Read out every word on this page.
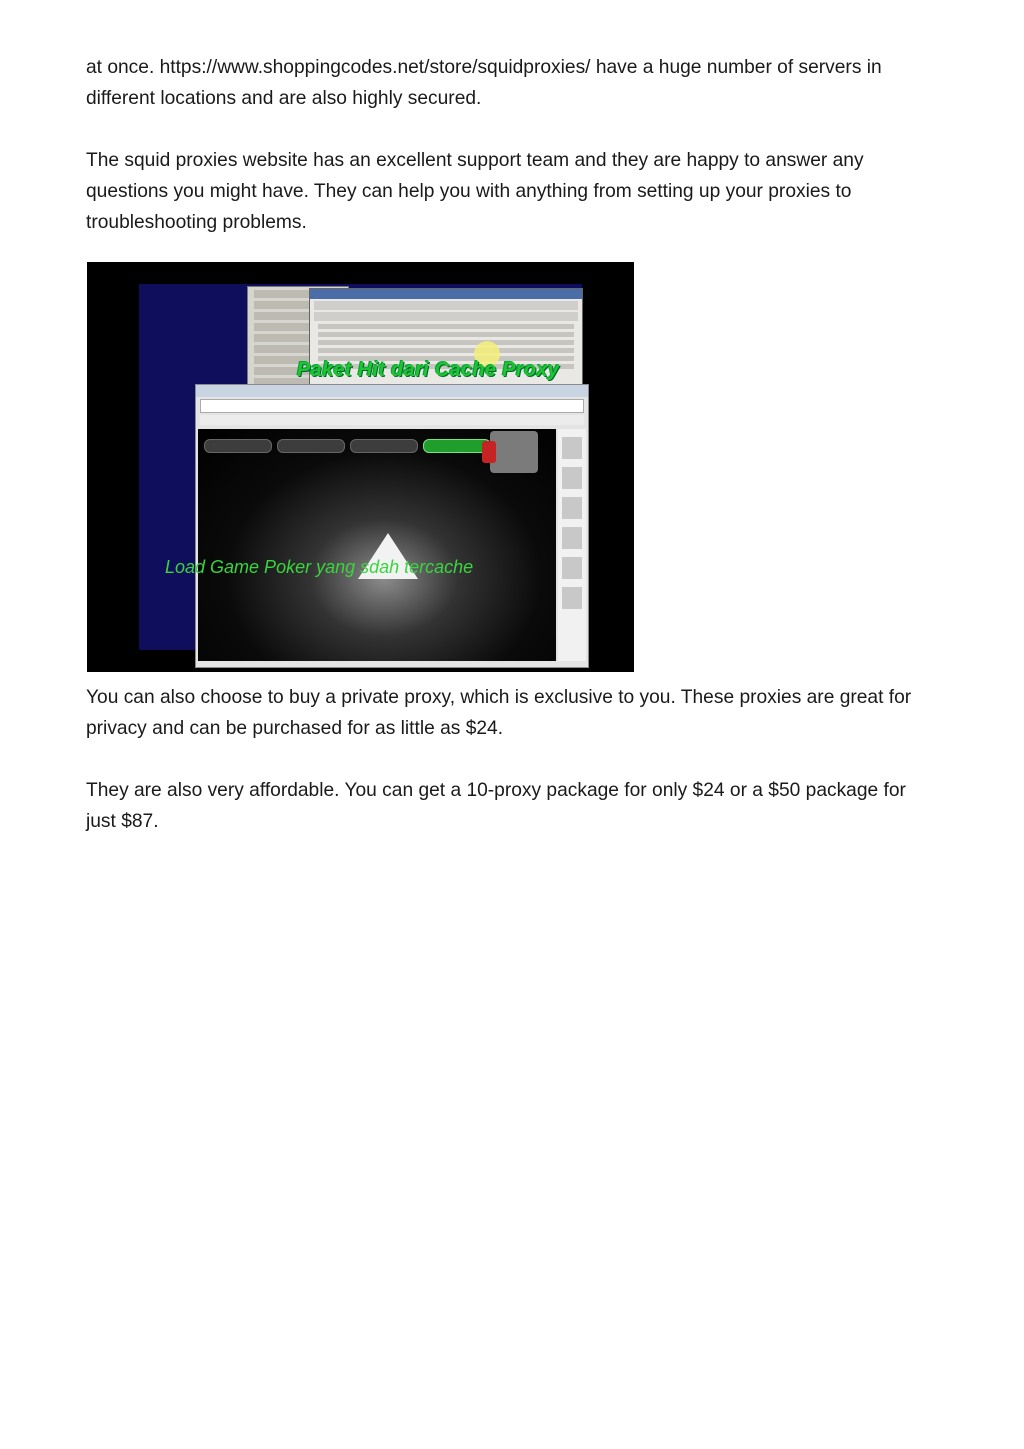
at once. https://www.shoppingcodes.net/store/squidproxies/ have a huge number of servers in different locations and are also highly secured.

The squid proxies website has an excellent support team and they are happy to answer any questions you might have. They can help you with anything from setting up your proxies to troubleshooting problems.

Paket Hit dari Cache Proxy
Load Game Poker yang sdah tercache

You can also choose to buy a private proxy, which is exclusive to you. These proxies are great for privacy and can be purchased for as little as $24.

They are also very affordable. You can get a 10-proxy package for only $24 or a $50 package for just $87.
